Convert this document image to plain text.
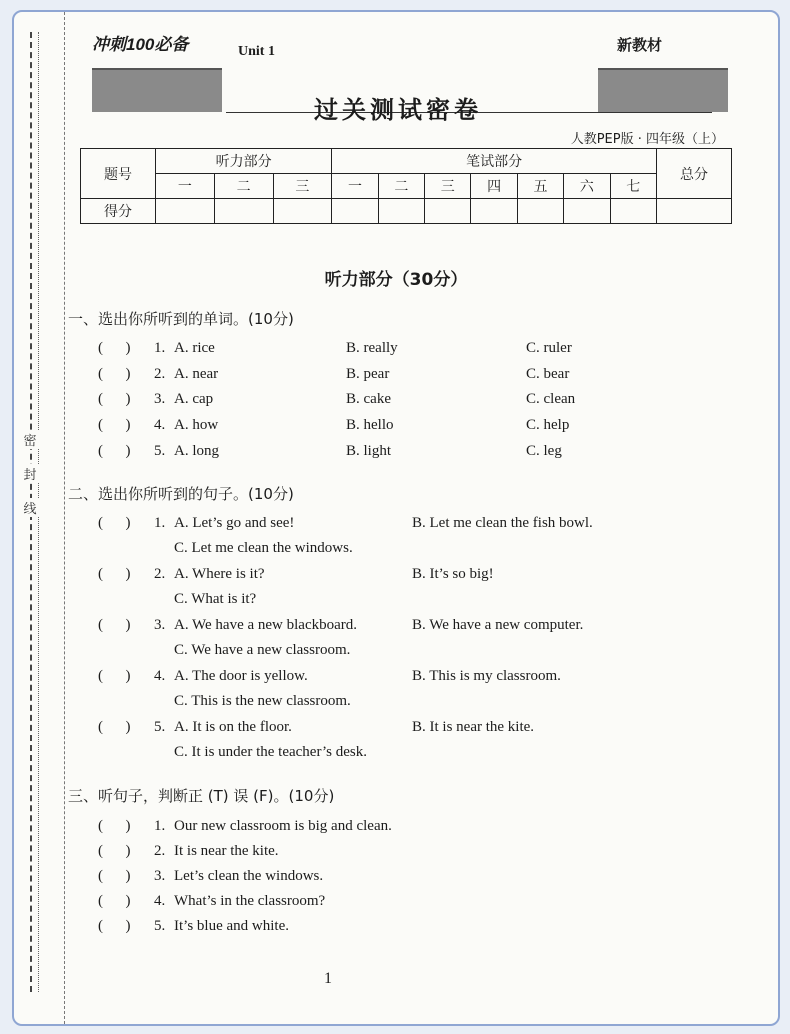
密
封
线
冲刺100必备	Unit 1	新教材
过关测试密卷
人教PEP版 · 四年级（上）
题号	听力部分			笔试部分							总分
	一	二	三	一	二	三	四	五	六	七	
得分											
听力部分（30分）
一、选出你所听到的单词。(10分)
(      ) 1. A. rice	B. really	C. ruler
(      ) 2. A. near	B. pear	C. bear
(      ) 3. A. cap	B. cake	C. clean
(      ) 4. A. how	B. hello	C. help
(      ) 5. A. long	B. light	C. leg
二、选出你所听到的句子。(10分)
(      ) 1. A. Let’s go and see!	B. Let me clean the fish bowl.
C. Let me clean the windows.
(      ) 2. A. Where is it?	B. It’s so big!
C. What is it?
(      ) 3. A. We have a new blackboard.	B. We have a new computer.
C. We have a new classroom.
(      ) 4. A. The door is yellow.	B. This is my classroom.
C. This is the new classroom.
(      ) 5. A. It is on the floor.	B. It is near the kite.
C. It is under the teacher’s desk.
三、听句子，判断正 (T) 误 (F)。(10分)
(      ) 1. Our new classroom is big and clean.
(      ) 2. It is near the kite.
(      ) 3. Let’s clean the windows.
(      ) 4. What’s in the classroom?
(      ) 5. It’s blue and white.
1
